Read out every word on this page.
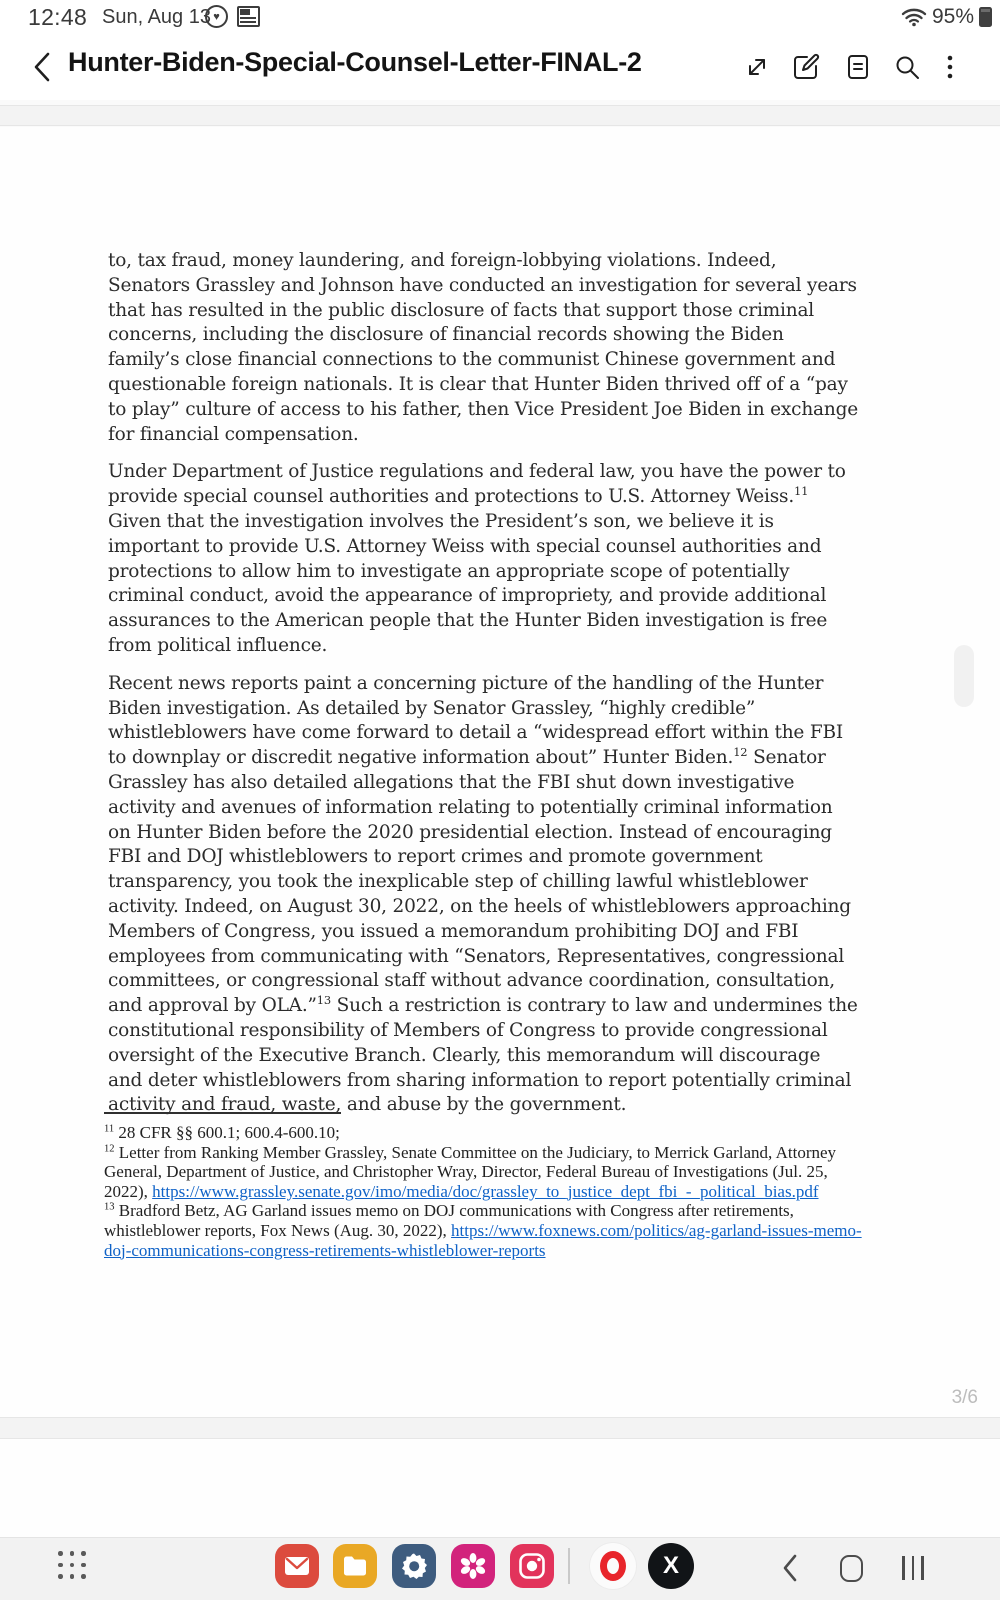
12:48 Sun, Aug 13 ♥	95%
Hunter-Biden-Special-Counsel-Letter-FINAL-2

to, tax fraud, money laundering, and foreign-lobbying violations. Indeed, Senators Grassley and Johnson have conducted an investigation for several years that has resulted in the public disclosure of facts that support those criminal concerns, including the disclosure of financial records showing the Biden family’s close financial connections to the communist Chinese government and questionable foreign nationals. It is clear that Hunter Biden thrived off of a “pay to play” culture of access to his father, then Vice President Joe Biden in exchange for financial compensation.

Under Department of Justice regulations and federal law, you have the power to provide special counsel authorities and protections to U.S. Attorney Weiss.$^{11}$ Given that the investigation involves the President’s son, we believe it is important to provide U.S. Attorney Weiss with special counsel authorities and protections to allow him to investigate an appropriate scope of potentially criminal conduct, avoid the appearance of impropriety, and provide additional assurances to the American people that the Hunter Biden investigation is free from political influence.

Recent news reports paint a concerning picture of the handling of the Hunter Biden investigation. As detailed by Senator Grassley, “highly credible” whistleblowers have come forward to detail a “widespread effort within the FBI to downplay or discredit negative information about” Hunter Biden.$^{12}$ Senator Grassley has also detailed allegations that the FBI shut down investigative activity and avenues of information relating to potentially criminal information on Hunter Biden before the 2020 presidential election. Instead of encouraging FBI and DOJ whistleblowers to report crimes and promote government transparency, you took the inexplicable step of chilling lawful whistleblower activity. Indeed, on August 30, 2022, on the heels of whistleblowers approaching Members of Congress, you issued a memorandum prohibiting DOJ and FBI employees from communicating with “Senators, Representatives, congressional committees, or congressional staff without advance coordination, consultation, and approval by OLA.”$^{13}$ Such a restriction is contrary to law and undermines the constitutional responsibility of Members of Congress to provide congressional oversight of the Executive Branch. Clearly, this memorandum will discourage and deter whistleblowers from sharing information to report potentially criminal activity and fraud, waste, and abuse by the government.

$^{11}$ 28 CFR §§ 600.1; 600.4-600.10;

$^{12}$ Letter from Ranking Member Grassley, Senate Committee on the Judiciary, to Merrick Garland, Attorney General, Department of Justice, and Christopher Wray, Director, Federal Bureau of Investigations (Jul. 25, 2022), https://www.grassley.senate.gov/imo/media/doc/grassley_to_justice_dept_fbi_-_political_bias.pdf

$^{13}$ Bradford Betz, AG Garland issues memo on DOJ communications with Congress after retirements, whistleblower reports, Fox News (Aug. 30, 2022), https://www.foxnews.com/politics/ag-garland-issues-memo-doj-communications-congress-retirements-whistleblower-reports

3/6
X
